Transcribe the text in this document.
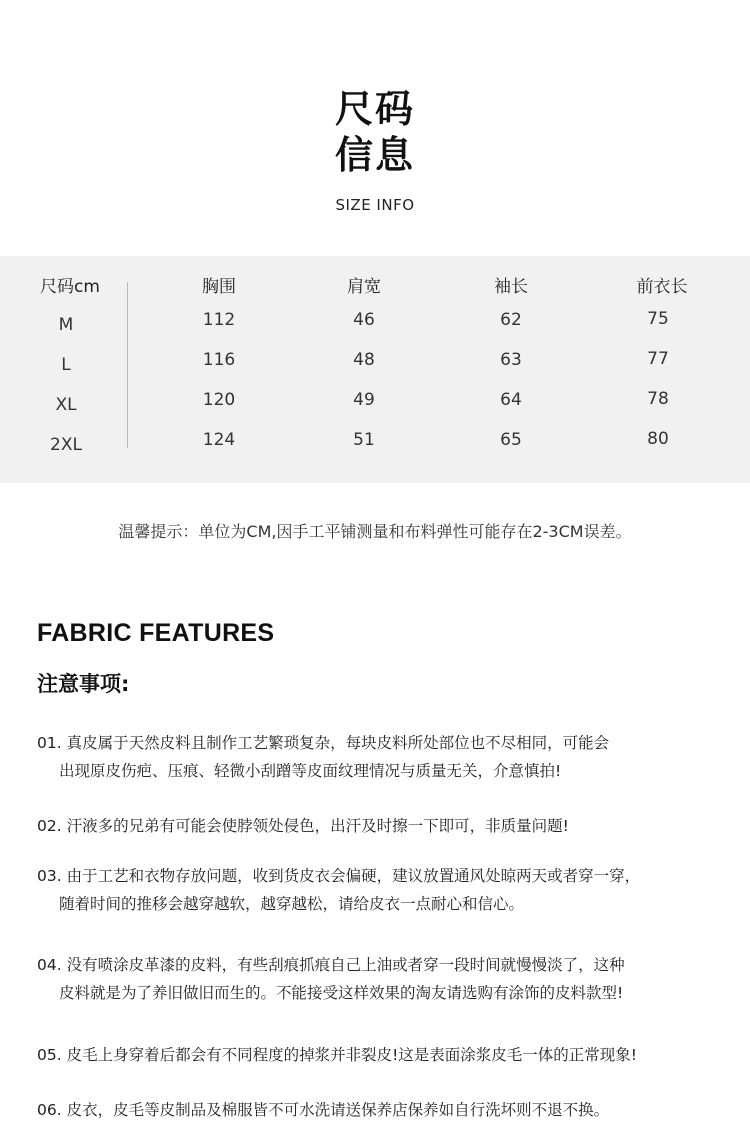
尺码
信息
SIZE INFO
尺码cm	胸围	肩宽	袖长	前衣长
M	112	46	62	75
L	116	48	63	77
XL	120	49	64	78
2XL	124	51	65	80
温馨提示：单位为CM,因手工平铺测量和布料弹性可能存在2-3CM误差。
FABRIC FEATURES
注意事项:
01. 真皮属于天然皮料且制作工艺繁琐复杂，每块皮料所处部位也不尽相同，可能会
出现原皮伤疤、压痕、轻微小刮蹭等皮面纹理情况与质量无关，介意慎拍!
02. 汗液多的兄弟有可能会使脖领处侵色，出汗及时擦一下即可，非质量问题!
03. 由于工艺和衣物存放问题，收到货皮衣会偏硬，建议放置通风处晾两天或者穿一穿，
随着时间的推移会越穿越软，越穿越松，请给皮衣一点耐心和信心。
04. 没有喷涂皮革漆的皮料，有些刮痕抓痕自己上油或者穿一段时间就慢慢淡了，这种
皮料就是为了养旧做旧而生的。不能接受这样效果的淘友请选购有涂饰的皮料款型!
05. 皮毛上身穿着后都会有不同程度的掉浆并非裂皮!这是表面涂浆皮毛一体的正常现象!
06. 皮衣，皮毛等皮制品及棉服皆不可水洗请送保养店保养如自行洗坏则不退不换。
